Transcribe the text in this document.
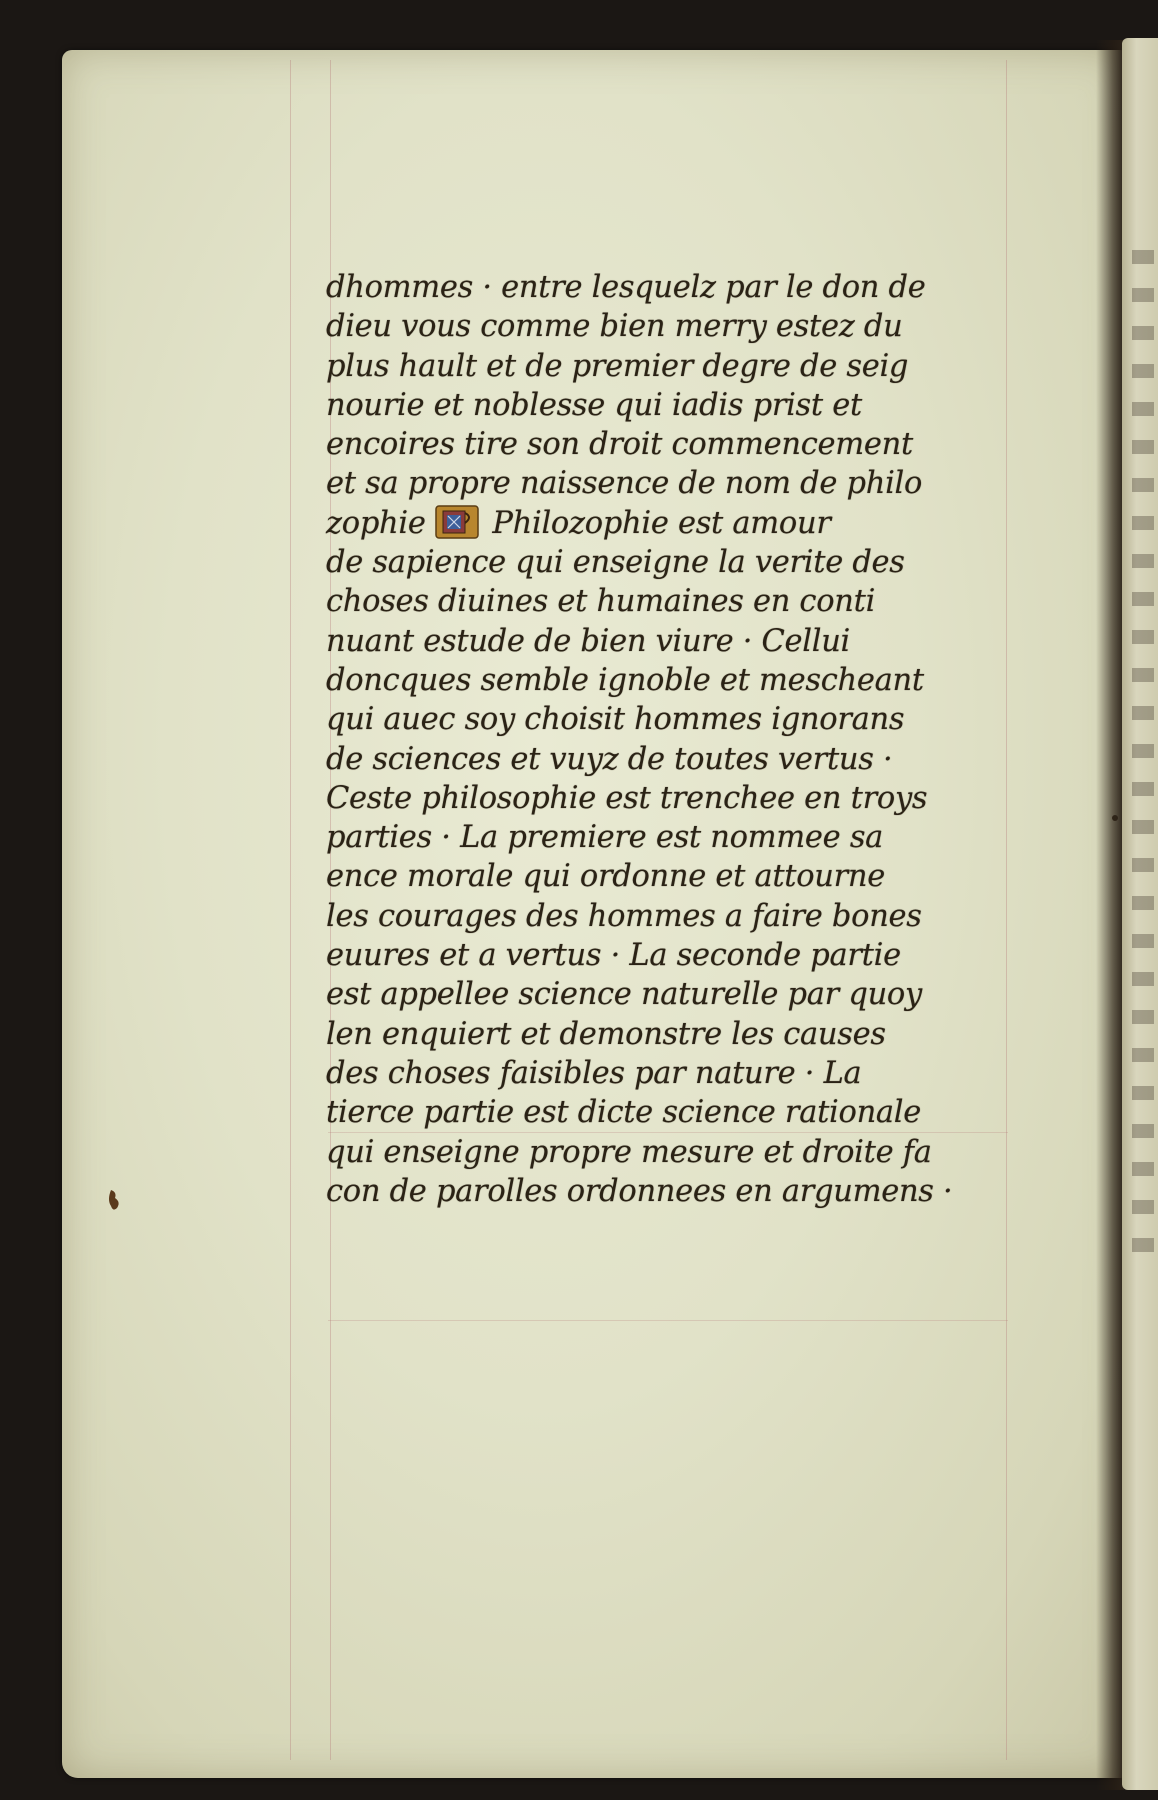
dhommes · entre lesquelz par le don de
dieu vous comme bien merry estez du
plus hault et de premier degre de seig
nourie et noblesse qui iadis prist et
encoires tire son droit commencement
et sa propre naissence de nom de philo
zophie Philozophie est amour
de sapience qui enseigne la verite des
choses diuines et humaines en conti
nuant estude de bien viure · Cellui
doncques semble ignoble et mescheant
qui auec soy choisit hommes ignorans
de sciences et vuyz de toutes vertus ·
Ceste philosophie est trenchee en troys
parties · La premiere est nommee sa
ence morale qui ordonne et attourne
les courages des hommes a faire bones
euures et a vertus · La seconde partie
est appellee science naturelle par quoy
len enquiert et demonstre les causes
des choses faisibles par nature · La
tierce partie est dicte science rationale
qui enseigne propre mesure et droite fa
con de parolles ordonnees en argumens ·
